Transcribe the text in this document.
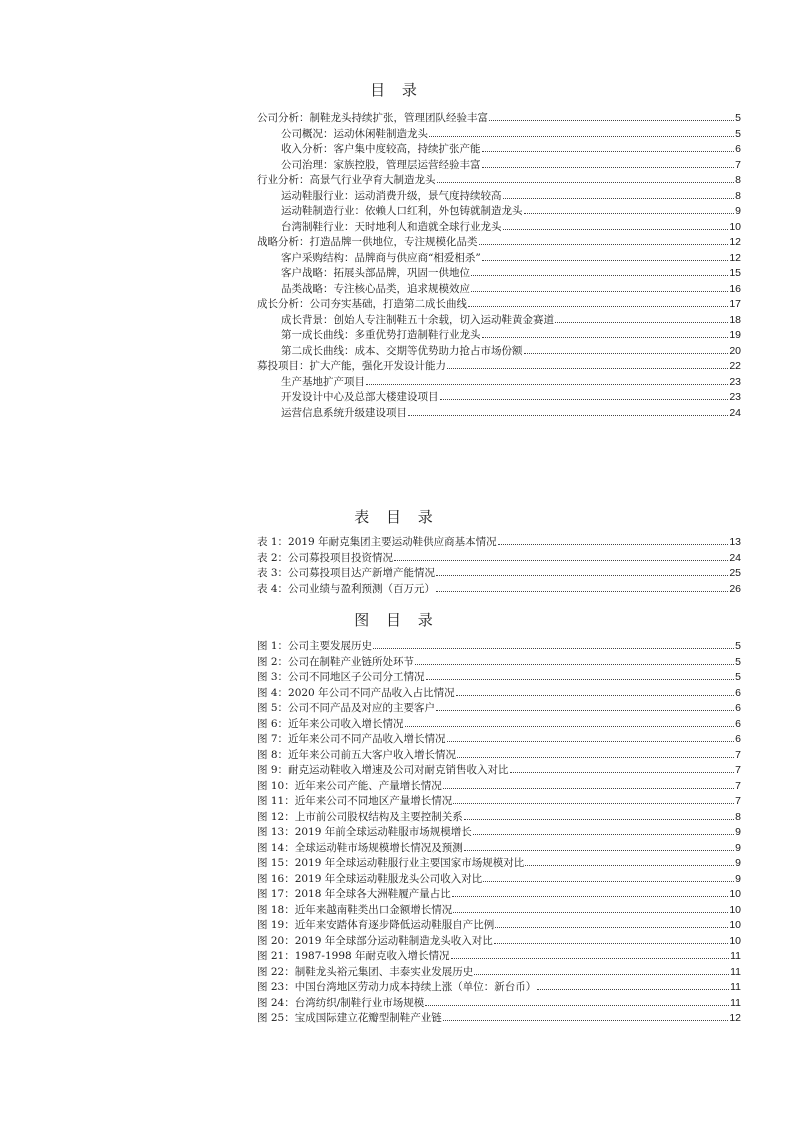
目 录
公司分析：制鞋龙头持续扩张，管理团队经验丰富	5
公司概况：运动休闲鞋制造龙头	5
收入分析：客户集中度较高，持续扩张产能	6
公司治理：家族控股，管理层运营经验丰富	7
行业分析：高景气行业孕育大制造龙头	8
运动鞋服行业：运动消费升级，景气度持续较高	8
运动鞋制造行业：依赖人口红利，外包铸就制造龙头	9
台湾制鞋行业：天时地利人和造就全球行业龙头	10
战略分析：打造品牌一供地位，专注规模化品类	12
客户采购结构：品牌商与供应商“相爱相杀”	12
客户战略：拓展头部品牌，巩固一供地位	15
品类战略：专注核心品类，追求规模效应	16
成长分析：公司夯实基础，打造第二成长曲线	17
成长背景：创始人专注制鞋五十余载，切入运动鞋黄金赛道	18
第一成长曲线：多重优势打造制鞋行业龙头	19
第二成长曲线：成本、交期等优势助力抢占市场份额	20
募投项目：扩大产能，强化开发设计能力	22
生产基地扩产项目	23
开发设计中心及总部大楼建设项目	23
运营信息系统升级建设项目	24
表 目 录
表 1：2019 年耐克集团主要运动鞋供应商基本情况	13
表 2：公司募投项目投资情况	24
表 3：公司募投项目达产新增产能情况	25
表 4：公司业绩与盈利预测（百万元）	26
图 目 录
图 1：公司主要发展历史	5
图 2：公司在制鞋产业链所处环节	5
图 3：公司不同地区子公司分工情况	5
图 4：2020 年公司不同产品收入占比情况	6
图 5：公司不同产品及对应的主要客户	6
图 6：近年来公司收入增长情况	6
图 7：近年来公司不同产品收入增长情况	6
图 8：近年来公司前五大客户收入增长情况	7
图 9：耐克运动鞋收入增速及公司对耐克销售收入对比	7
图 10：近年来公司产能、产量增长情况	7
图 11：近年来公司不同地区产量增长情况	7
图 12：上市前公司股权结构及主要控制关系	8
图 13：2019 年前全球运动鞋服市场规模增长	9
图 14：全球运动鞋市场规模增长情况及预测	9
图 15：2019 年全球运动鞋服行业主要国家市场规模对比	9
图 16：2019 年全球运动鞋服龙头公司收入对比	9
图 17：2018 年全球各大洲鞋履产量占比	10
图 18：近年来越南鞋类出口金额增长情况	10
图 19：近年来安踏体育逐步降低运动鞋服自产比例	10
图 20：2019 年全球部分运动鞋制造龙头收入对比	10
图 21：1987-1998 年耐克收入增长情况	11
图 22：制鞋龙头裕元集团、丰泰实业发展历史	11
图 23：中国台湾地区劳动力成本持续上涨（单位：新台币）	11
图 24：台湾纺织/制鞋行业市场规模	11
图 25：宝成国际建立花瓣型制鞋产业链	12
